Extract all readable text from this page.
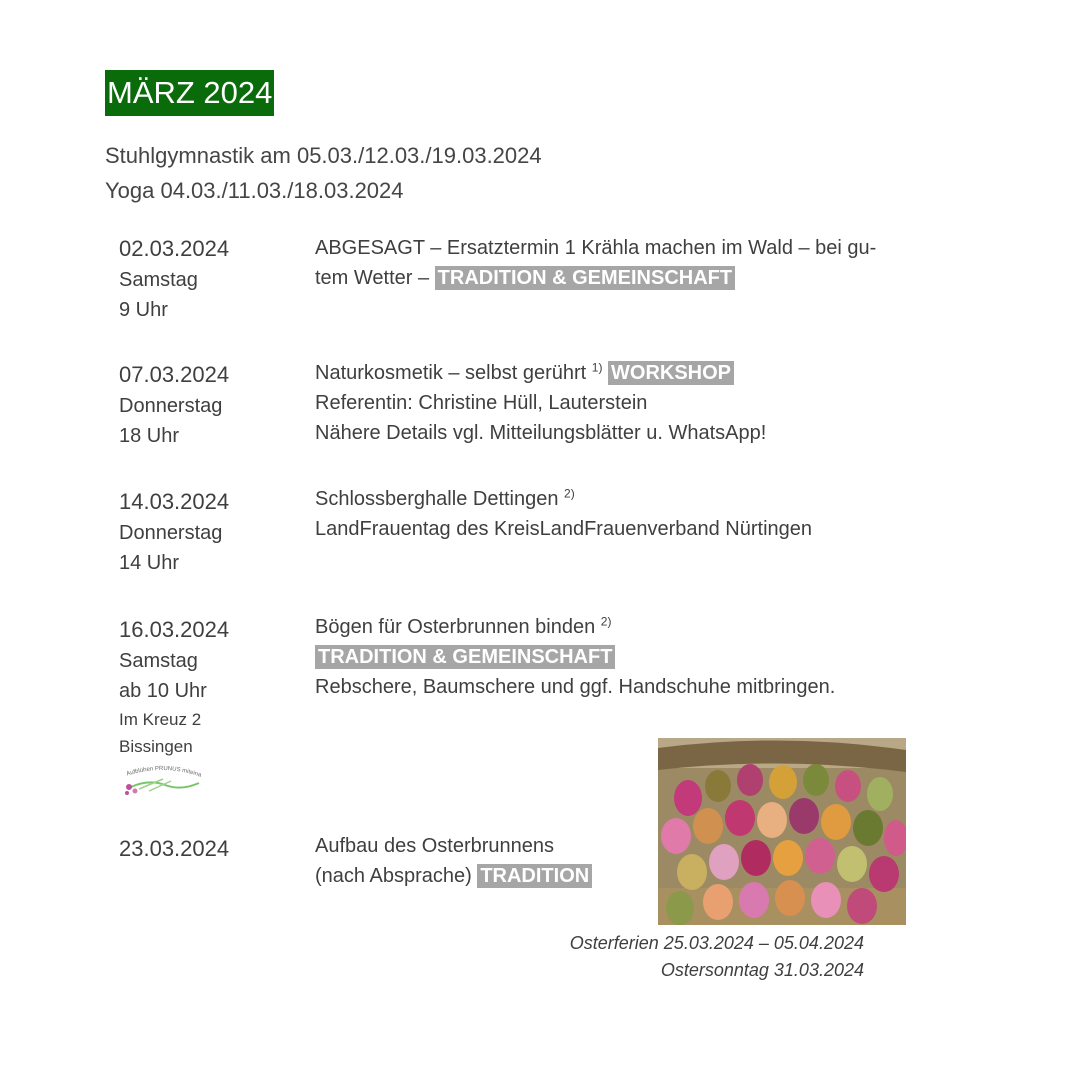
MÄRZ 2024
Stuhlgymnastik am 05.03./12.03./19.03.2024
Yoga 04.03./11.03./18.03.2024
02.03.2024
Samstag
9 Uhr
ABGESAGT – Ersatztermin 1 Krähla machen im Wald – bei gu-
tem Wetter – TRADITION & GEMEINSCHAFT
07.03.2024
Donnerstag
18 Uhr
Naturkosmetik – selbst gerührt $^{1)}$ WORKSHOP
Referentin: Christine Hüll, Lauterstein
Nähere Details vgl. Mitteilungsblätter u. WhatsApp!
14.03.2024
Donnerstag
14 Uhr
Schlossberghalle Dettingen $^{2)}$
LandFrauentag des KreisLandFrauenverband Nürtingen
16.03.2024
Samstag
ab 10 Uhr
Im Kreuz 2
Bissingen
Bögen für Osterbrunnen binden $^{2)}$
TRADITION & GEMEINSCHAFT
Rebschere, Baumschere und ggf. Handschuhe mitbringen.
Aufblühen PRUNUS miteina
23.03.2024	Aufbau des Osterbrunnens
(nach Absprache) TRADITION
Osterferien 25.03.2024 – 05.04.2024
Ostersonntag 31.03.2024
